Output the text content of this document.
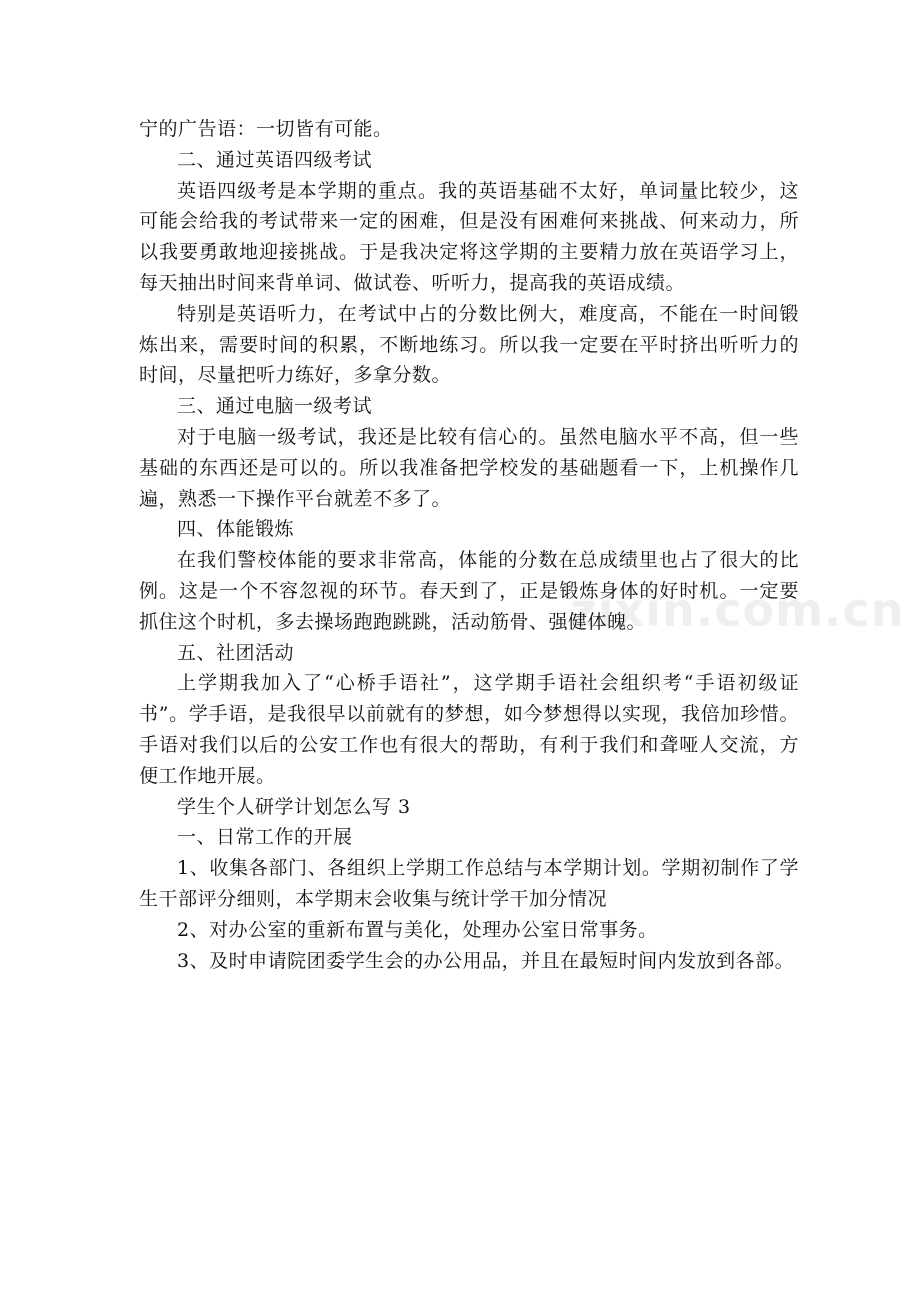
宁的广告语：一切皆有可能。

二、通过英语四级考试

英语四级考是本学期的重点。我的英语基础不太好，单词量比较少，这可能会给我的考试带来一定的困难，但是没有困难何来挑战、何来动力，所以我要勇敢地迎接挑战。于是我决定将这学期的主要精力放在英语学习上，每天抽出时间来背单词、做试卷、听听力，提高我的英语成绩。

特别是英语听力，在考试中占的分数比例大，难度高，不能在一时间锻炼出来，需要时间的积累，不断地练习。所以我一定要在平时挤出听听力的时间，尽量把听力练好，多拿分数。

三、通过电脑一级考试

对于电脑一级考试，我还是比较有信心的。虽然电脑水平不高，但一些基础的东西还是可以的。所以我准备把学校发的基础题看一下，上机操作几遍，熟悉一下操作平台就差不多了。

四、体能锻炼

在我们警校体能的要求非常高，体能的分数在总成绩里也占了很大的比例。这是一个不容忽视的环节。春天到了，正是锻炼身体的好时机。一定要抓住这个时机，多去操场跑跑跳跳，活动筋骨、强健体魄。

五、社团活动

上学期我加入了“心桥手语社”，这学期手语社会组织考“手语初级证书”。学手语，是我很早以前就有的梦想，如今梦想得以实现，我倍加珍惜。手语对我们以后的公安工作也有很大的帮助，有利于我们和聋哑人交流，方便工作地开展。

学生个人研学计划怎么写 3

一、日常工作的开展

1、收集各部门、各组织上学期工作总结与本学期计划。学期初制作了学生干部评分细则，本学期末会收集与统计学干加分情况

2、对办公室的重新布置与美化，处理办公室日常事务。

3、及时申请院团委学生会的办公用品，并且在最短时间内发放到各部。

zixin.com.cn
